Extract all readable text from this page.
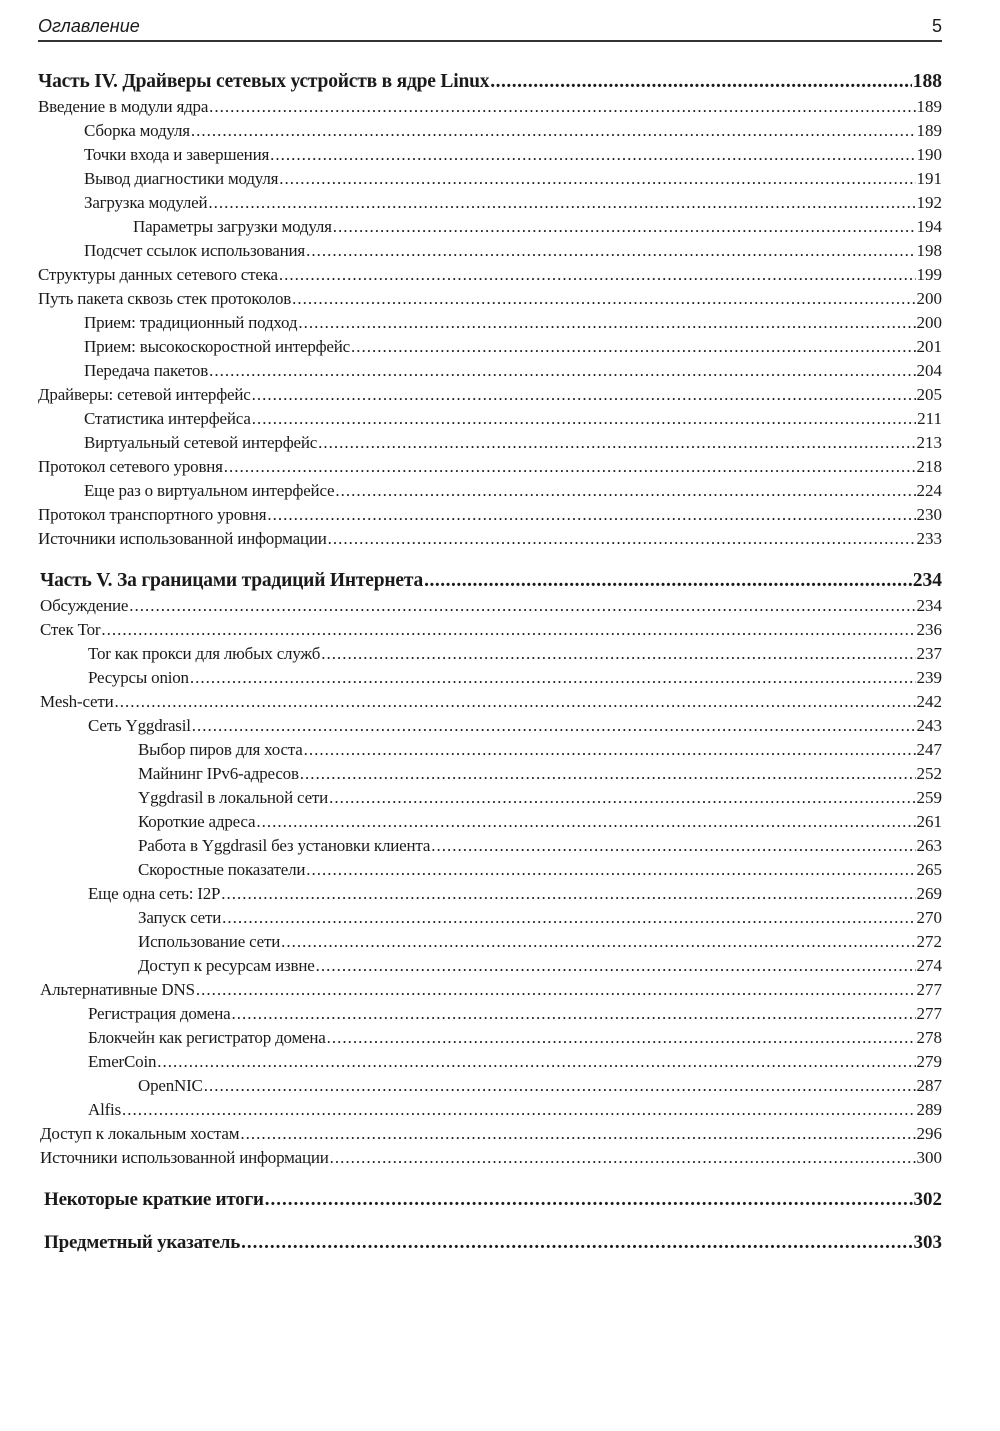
Оглавление	5
Часть IV. Драйверы сетевых устройств в ядре Linux .....	188
Введение в модули ядра .....	189
Сборка модуля .....	189
Точки входа и завершения .....	190
Вывод диагностики модуля .....	191
Загрузка модулей .....	192
Параметры загрузки модуля .....	194
Подсчет ссылок использования .....	198
Структуры данных сетевого стека .....	199
Путь пакета сквозь стек протоколов .....	200
Прием: традиционный подход .....	200
Прием: высокоскоростной интерфейс .....	201
Передача пакетов .....	204
Драйверы: сетевой интерфейс .....	205
Статистика интерфейса .....	211
Виртуальный сетевой интерфейс .....	213
Протокол сетевого уровня .....	218
Еще раз о виртуальном интерфейсе .....	224
Протокол транспортного уровня .....	230
Источники использованной информации .....	233
Часть V. За границами традиций Интернета .....	234
Обсуждение .....	234
Стек Tor .....	236
Tor как прокси для любых служб .....	237
Ресурсы onion .....	239
Mesh-сети .....	242
Сеть Yggdrasil .....	243
Выбор пиров для хоста .....	247
Майнинг IPv6-адресов .....	252
Yggdrasil в локальной сети .....	259
Короткие адреса .....	261
Работа в Yggdrasil без установки клиента .....	263
Скоростные показатели .....	265
Еще одна сеть: I2P .....	269
Запуск сети .....	270
Использование сети .....	272
Доступ к ресурсам извне .....	274
Альтернативные DNS .....	277
Регистрация домена .....	277
Блокчейн как регистратор домена .....	278
EmerCoin .....	279
OpenNIC .....	287
Alfis .....	289
Доступ к локальным хостам .....	296
Источники использованной информации .....	300
Некоторые краткие итоги .....	302
Предметный указатель .....	303
